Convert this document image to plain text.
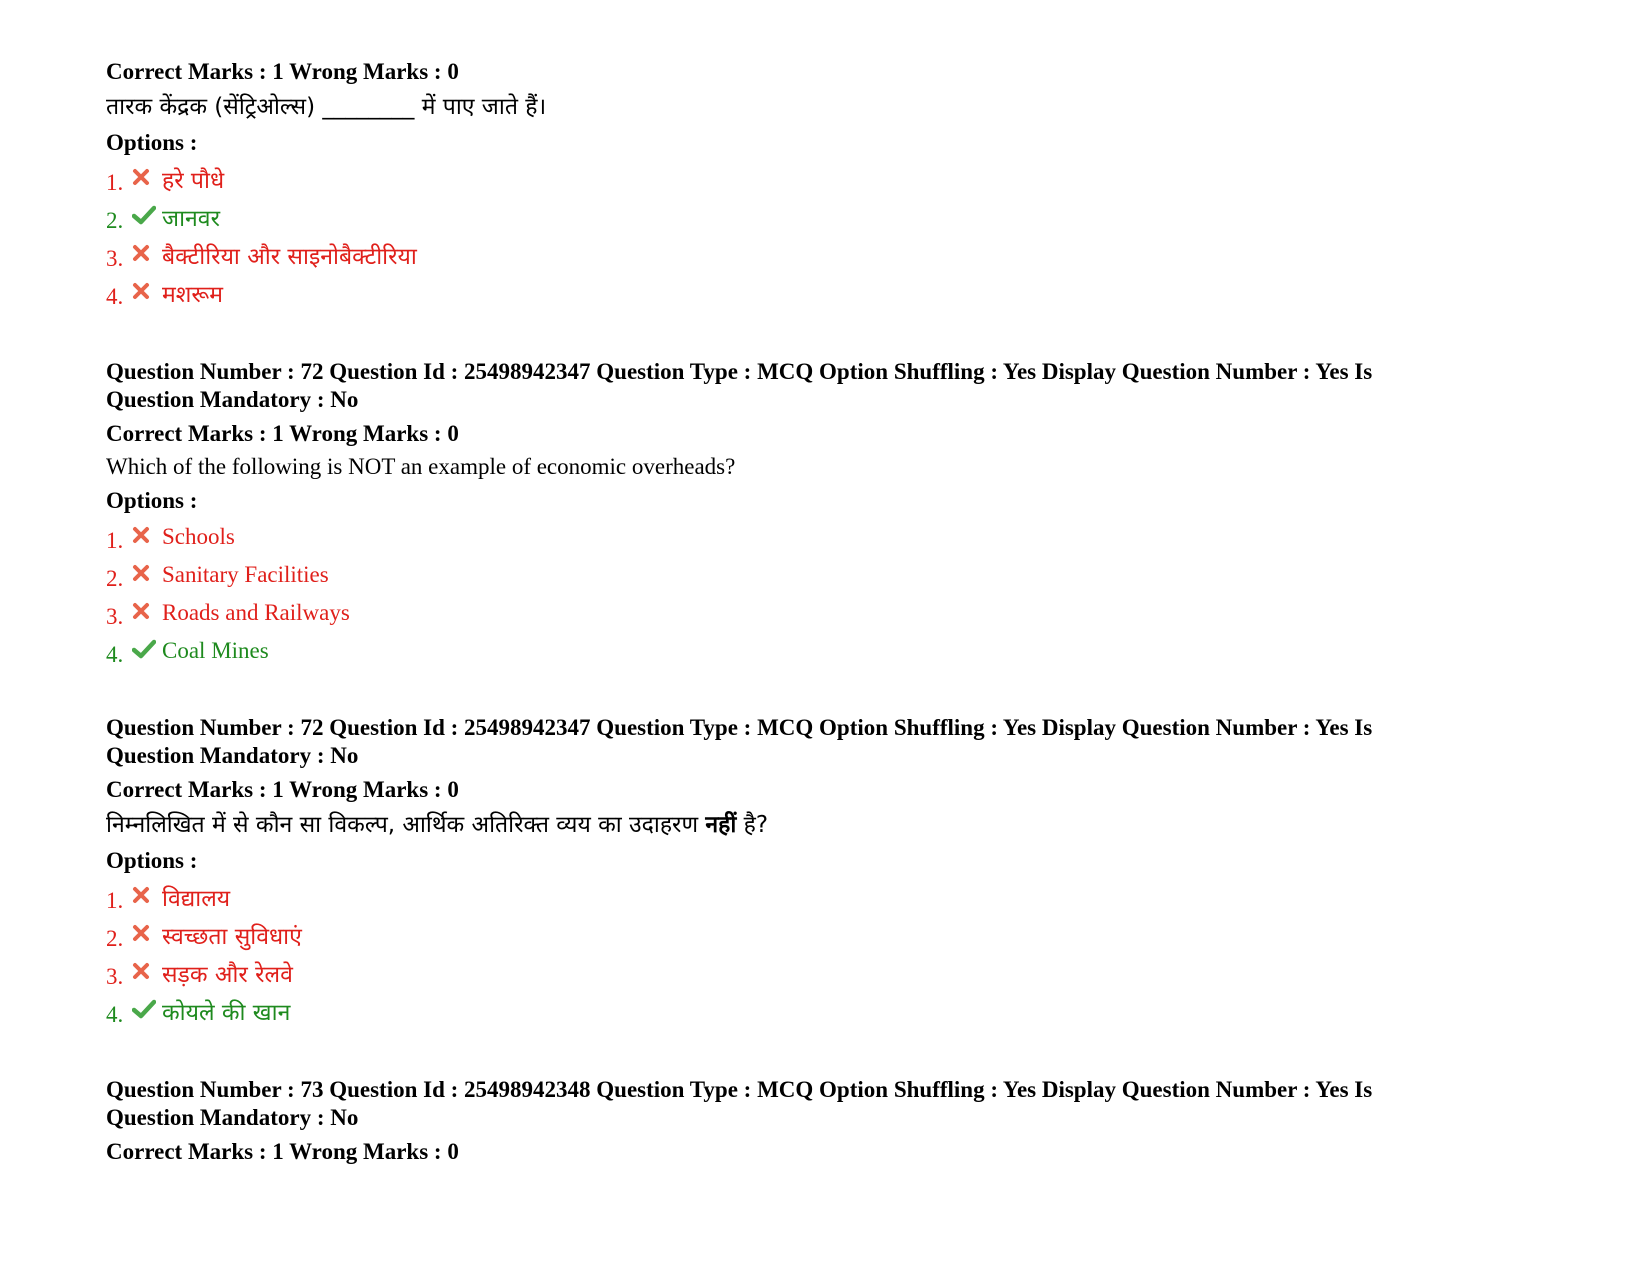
Correct Marks : 1 Wrong Marks : 0

तारक केंद्रक (सेंट्रिओल्स) ________ में पाए जाते हैं।

Options :

1.	हरे पौधे
2.	जानवर
3.	बैक्टीरिया और साइनोबैक्टीरिया
4.	मशरूम

Question Number : 72 Question Id : 25498942347 Question Type : MCQ Option Shuffling : Yes Display Question Number : Yes Is

Question Mandatory : No

Correct Marks : 1 Wrong Marks : 0

Which of the following is NOT an example of economic overheads?

Options :

1.	Schools
2.	Sanitary Facilities
3.	Roads and Railways
4.	Coal Mines

Question Number : 72 Question Id : 25498942347 Question Type : MCQ Option Shuffling : Yes Display Question Number : Yes Is

Question Mandatory : No

Correct Marks : 1 Wrong Marks : 0

निम्नलिखित में से कौन सा विकल्प, आर्थिक अतिरिक्त व्यय का उदाहरण नहीं है?

Options :

1.	विद्यालय
2.	स्वच्छता सुविधाएं
3.	सड़क और रेलवे
4.	कोयले की खान

Question Number : 73 Question Id : 25498942348 Question Type : MCQ Option Shuffling : Yes Display Question Number : Yes Is

Question Mandatory : No

Correct Marks : 1 Wrong Marks : 0
